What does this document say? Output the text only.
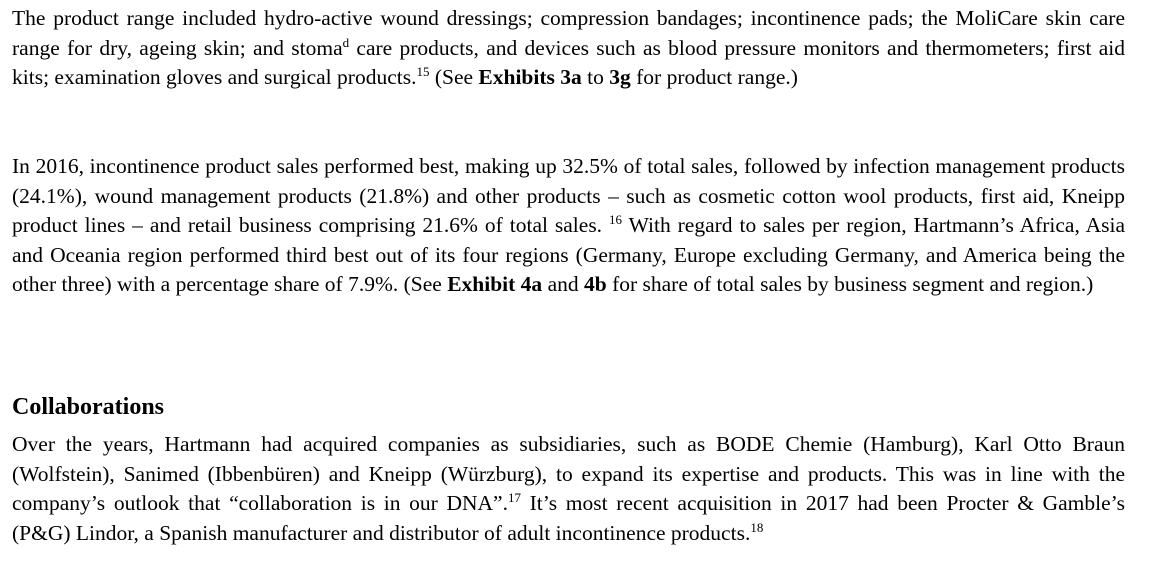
The product range included hydro-active wound dressings; compression bandages; incontinence pads; the MoliCare skin care range for dry, ageing skin; and stoma$^d$ care products, and devices such as blood pressure monitors and thermometers; first aid kits; examination gloves and surgical products.$^{15}$ (See Exhibits 3a to 3g for product range.)

In 2016, incontinence product sales performed best, making up 32.5% of total sales, followed by infection management products (24.1%), wound management products (21.8%) and other products – such as cosmetic cotton wool products, first aid, Kneipp product lines – and retail business comprising 21.6% of total sales. $^{16}$ With regard to sales per region, Hartmann’s Africa, Asia and Oceania region performed third best out of its four regions (Germany, Europe excluding Germany, and America being the other three) with a percentage share of 7.9%. (See Exhibit 4a and 4b for share of total sales by business segment and region.)

Collaborations

Over the years, Hartmann had acquired companies as subsidiaries, such as BODE Chemie (Hamburg), Karl Otto Braun (Wolfstein), Sanimed (Ibbenbüren) and Kneipp (Würzburg), to expand its expertise and products. This was in line with the company’s outlook that “collaboration is in our DNA”.$^{17}$ It’s most recent acquisition in 2017 had been Procter & Gamble’s (P&G) Lindor, a Spanish manufacturer and distributor of adult incontinence products.$^{18}$
